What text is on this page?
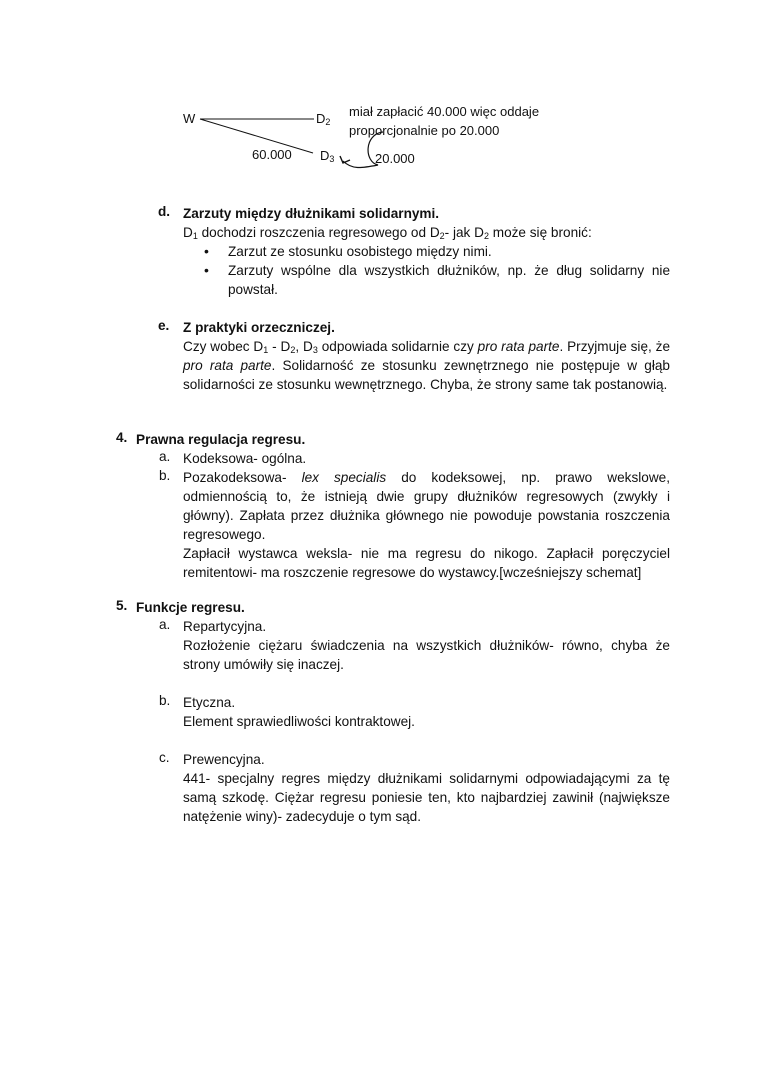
W	$D_2$
$D_3$
60.000	20.000
miał zapłacić 40.000 więc oddaje
proporcjonalnie po 20.000
d. Zarzuty między dłużnikami solidarnymi.
$D_1$ dochodzi roszczenia regresowego od $D_2-$ jak $D_2$ może się bronić:
• Zarzut ze stosunku osobistego między nimi.
• Zarzuty wspólne dla wszystkich dłużników, np. że dług solidarny nie powstał.
e. Z praktyki orzeczniczej.
Czy wobec $D_1 - D_2$, $D_3$ odpowiada solidarnie czy pro rata parte. Przyjmuje się, że pro rata parte. Solidarność ze stosunku zewnętrznego nie postępuje w głąb solidarności ze stosunku wewnętrznego. Chyba, że strony same tak postanowią.
4. Prawna regulacja regresu.
a. Kodeksowa- ogólna.
b. Pozakodeksowa- lex specialis do kodeksowej, np. prawo wekslowe, odmiennością to, że istnieją dwie grupy dłużników regresowych (zwykły i główny). Zapłata przez dłużnika głównego nie powoduje powstania roszczenia regresowego.
Zapłacił wystawca weksla- nie ma regresu do nikogo. Zapłacił poręczyciel remitentowi- ma roszczenie regresowe do wystawcy.[wcześniejszy schemat]
5. Funkcje regresu.
a. Repartycyjna.
Rozłożenie ciężaru świadczenia na wszystkich dłużników- równo, chyba że strony umówiły się inaczej.
b. Etyczna.
Element sprawiedliwości kontraktowej.
c. Prewencyjna.
441- specjalny regres między dłużnikami solidarnymi odpowiadającymi za tę samą szkodę. Ciężar regresu poniesie ten, kto najbardziej zawinił (największe natężenie winy)- zadecyduje o tym sąd.
